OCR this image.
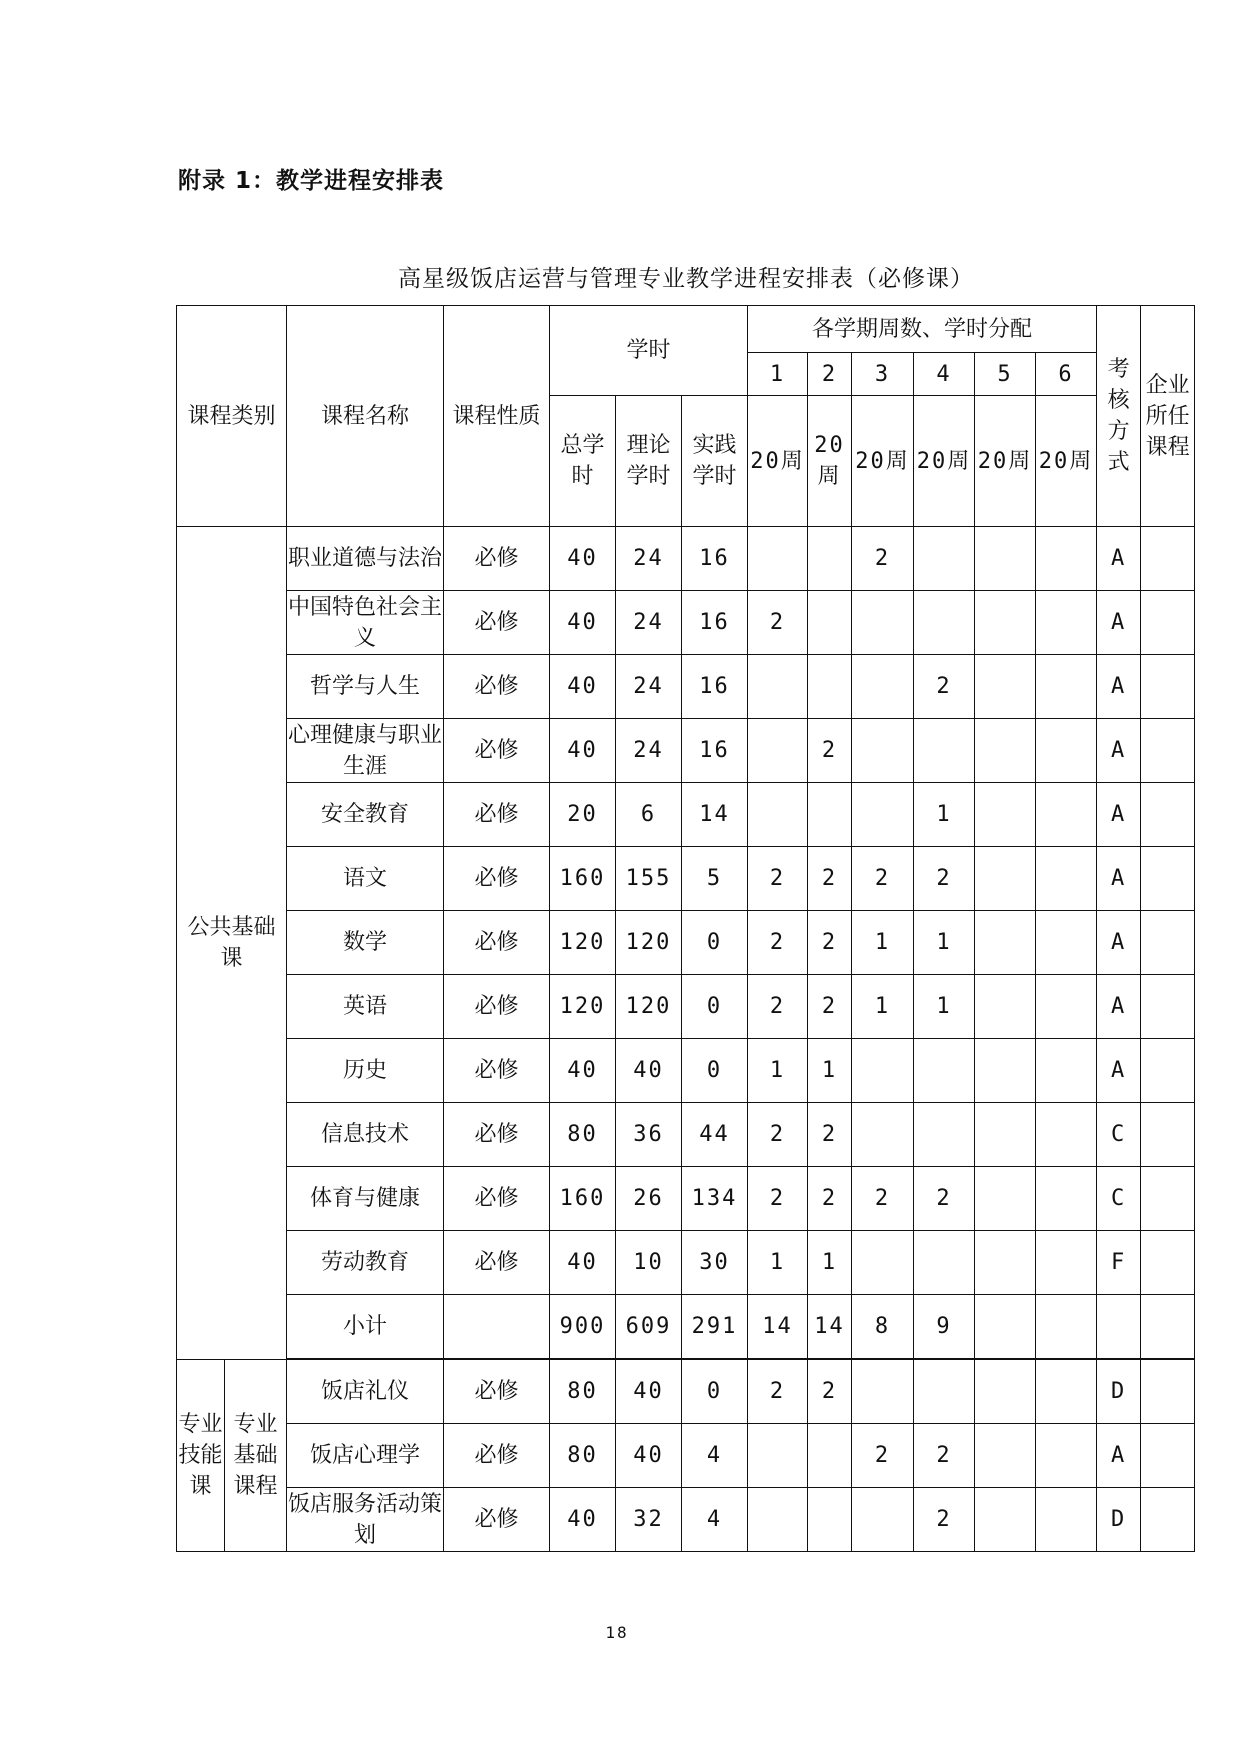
附录 1：教学进程安排表
高星级饭店运营与管理专业教学进程安排表（必修课）
课程类别		课程名称	课程性质	学时			各学期周数、学时分配						考核方式	企业所任课程
							1	2	3	4	5	6		
				总学时	理论学时	实践学时	20周	20周	20周	20周	20周	20周		
公共基础课		职业道德与法治	必修	40	24	16			2				A	
		中国特色社会主义	必修	40	24	16	2						A	
		哲学与人生	必修	40	24	16				2			A	
		心理健康与职业生涯	必修	40	24	16		2					A	
		安全教育	必修	20	6	14				1			A	
		语文	必修	160	155	5	2	2	2	2			A	
		数学	必修	120	120	0	2	2	1	1			A	
		英语	必修	120	120	0	2	2	1	1			A	
		历史	必修	40	40	0	1	1					A	
		信息技术	必修	80	36	44	2	2					C	
		体育与健康	必修	160	26	134	2	2	2	2			C	
		劳动教育	必修	40	10	30	1	1					F	
		小计		900	609	291	14	14	8	9				
专业技能课	专业基础课程	饭店礼仪	必修	80	40	0	2	2					D	
		饭店心理学	必修	80	40	4			2	2			A	
		饭店服务活动策划	必修	40	32	4				2			D	
18
